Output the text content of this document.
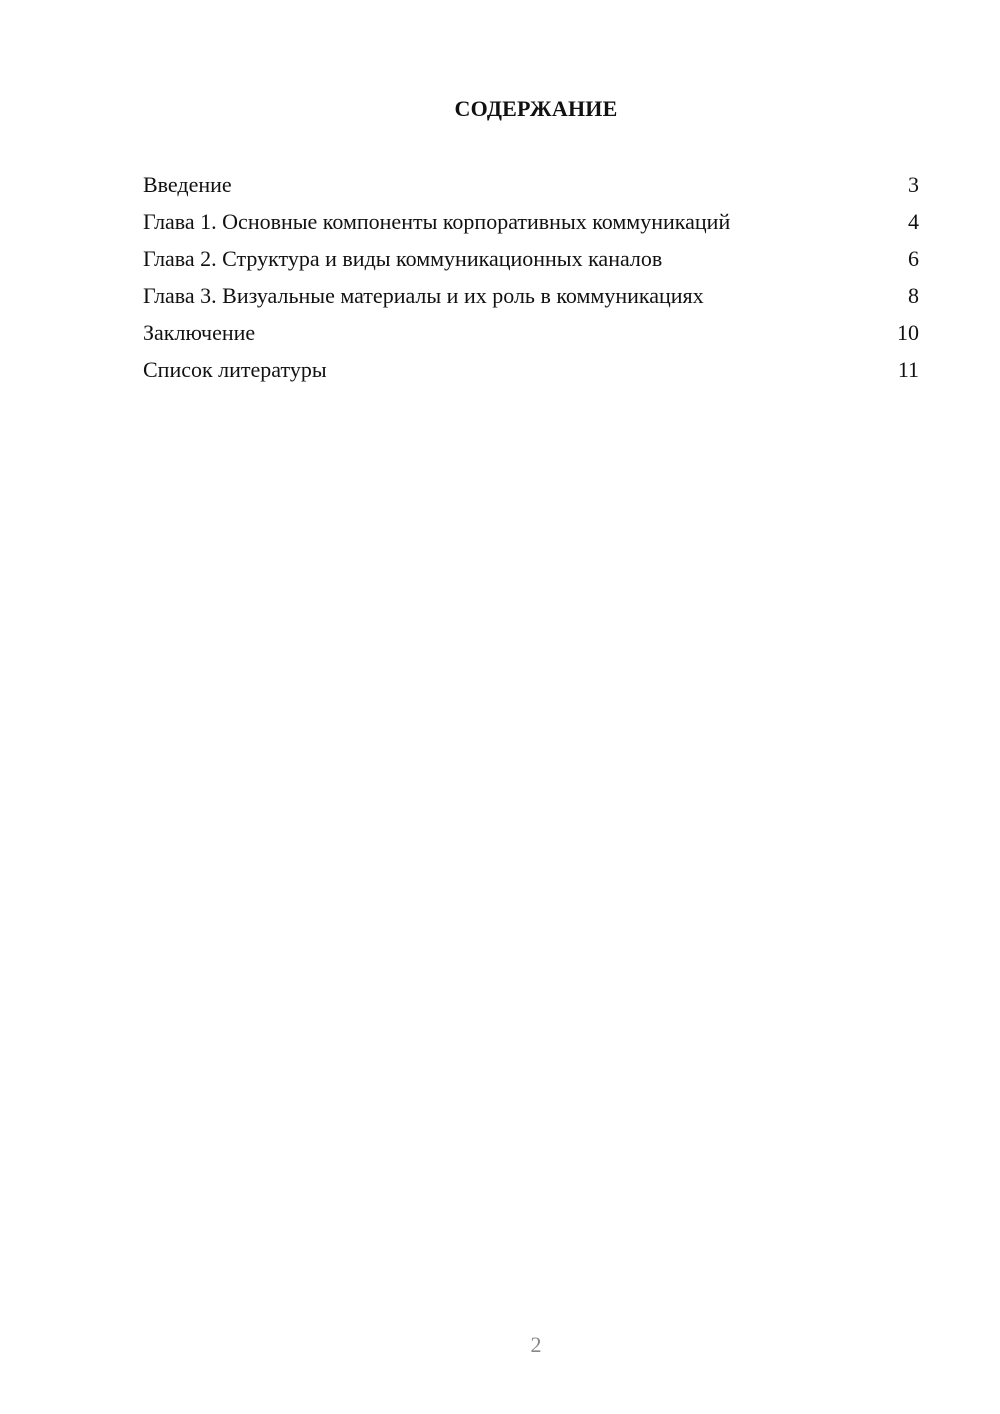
СОДЕРЖАНИЕ
Введение	3
Глава 1. Основные компоненты корпоративных коммуникаций	4
Глава 2. Структура и виды коммуникационных каналов	6
Глава 3. Визуальные материалы и их роль в коммуникациях	8
Заключение	10
Список литературы	11
2
